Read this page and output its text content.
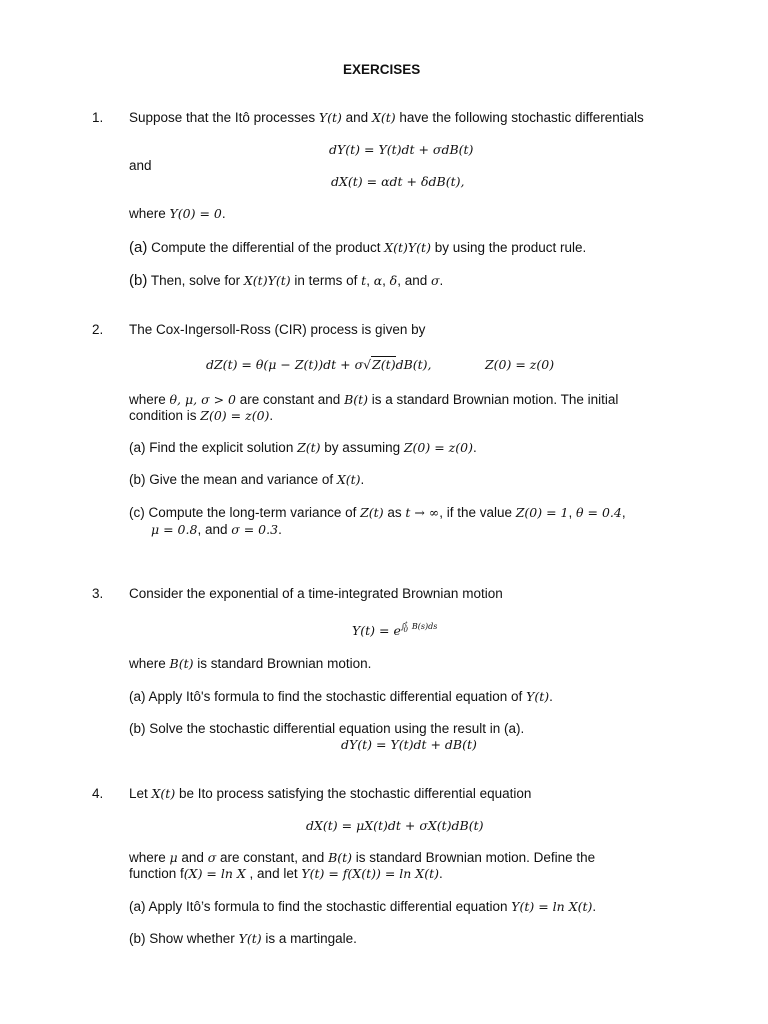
EXERCISES
1. Suppose that the Itô processes Y(t) and X(t) have the following stochastic differentials
dY(t) = Y(t)dt + σdB(t)
and
dX(t) = αdt + δdB(t),
where Y(0) = 0.
(a) Compute the differential of the product X(t)Y(t) by using the product rule.
(b) Then, solve for X(t)Y(t) in terms of t, α, δ, and σ.
2. The Cox-Ingersoll-Ross (CIR) process is given by
dZ(t) = θ(μ − Z(t))dt + σ√Z(t)dB(t),	Z(0) = z(0)
where θ, μ, σ > 0 are constant and B(t) is a standard Brownian motion. The initial
condition is Z(0) = z(0).
(a) Find the explicit solution Z(t) by assuming Z(0) = z(0).
(b) Give the mean and variance of X(t).
(c) Compute the long-term variance of Z(t) as t → ∞, if the value Z(0) = 1, θ = 0.4,
μ = 0.8, and σ = 0.3.
3. Consider the exponential of a time-integrated Brownian motion
$Y(t) = e^{\int^t0 B(s)ds}$
where B(t) is standard Brownian motion.
(a) Apply Itô's formula to find the stochastic differential equation of Y(t).
(b) Solve the stochastic differential equation using the result in (a).
dY(t) = Y(t)dt + dB(t)
4. Let X(t) be Ito process satisfying the stochastic differential equation
dX(t) = μX(t)dt + σX(t)dB(t)
where μ and σ are constant, and B(t) is standard Brownian motion. Define the
function f(X) = ln X , and let Y(t) = f(X(t)) = ln X(t).
(a) Apply Itô’s formula to find the stochastic differential equation Y(t) = ln X(t).
(b) Show whether Y(t) is a martingale.
